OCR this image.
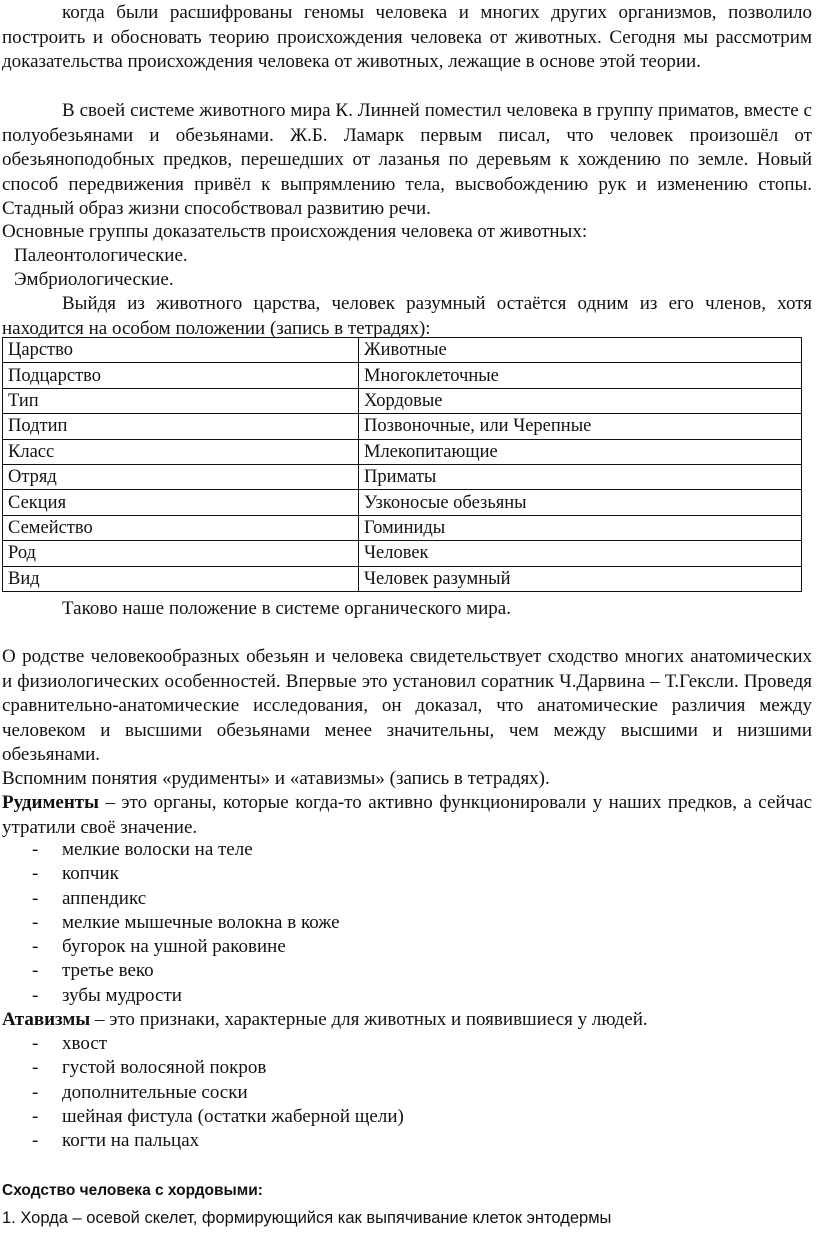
когда были расшифрованы геномы человека и многих других организмов, позволило построить и обосновать теорию происхождения человека от животных. Сегодня мы рассмотрим доказательства происхождения человека от животных, лежащие в основе этой теории.
В своей системе животного мира К. Линней поместил человека в группу приматов, вместе с полуобезьянами и обезьянами. Ж.Б. Ламарк первым писал, что человек произошёл от обезьяноподобных предков, перешедших от лазанья по деревьям к хождению по земле. Новый способ передвижения привёл к выпрямлению тела, высвобождению рук и изменению стопы. Стадный образ жизни способствовал развитию речи.
Основные группы доказательств происхождения человека от животных:
Палеонтологические.
Эмбриологические.
Выйдя из животного царства, человек разумный остаётся одним из его членов, хотя находится на особом положении (запись в тетрадях):
Царство	Животные
Подцарство	Многоклеточные
Тип	Хордовые
Подтип	Позвоночные, или Черепные
Класс	Млекопитающие
Отряд	Приматы
Секция	Узконосые обезьяны
Семейство	Гоминиды
Род	Человек
Вид	Человек разумный
Таково наше положение в системе органического мира.
О родстве человекообразных обезьян и человека свидетельствует сходство многих анатомических и физиологических особенностей. Впервые это установил соратник Ч.Дарвина – Т.Гексли. Проведя сравнительно-анатомические исследования, он доказал, что анатомические различия между человеком и высшими обезьянами менее значительны, чем между высшими и низшими обезьянами.
Вспомним понятия «рудименты» и «атавизмы» (запись в тетрадях).
Рудименты – это органы, которые когда-то активно функционировали у наших предков, а сейчас утратили своё значение.
- мелкие волоски на теле
- копчик
- аппендикс
- мелкие мышечные волокна в коже
- бугорок на ушной раковине
- третье веко
- зубы мудрости
Атавизмы – это признаки, характерные для животных и появившиеся у людей.
- хвост
- густой волосяной покров
- дополнительные соски
- шейная фистула (остатки жаберной щели)
- когти на пальцах
Сходство человека с хордовыми:
1. Хорда – осевой скелет, формирующийся как выпячивание клеток энтодермы
